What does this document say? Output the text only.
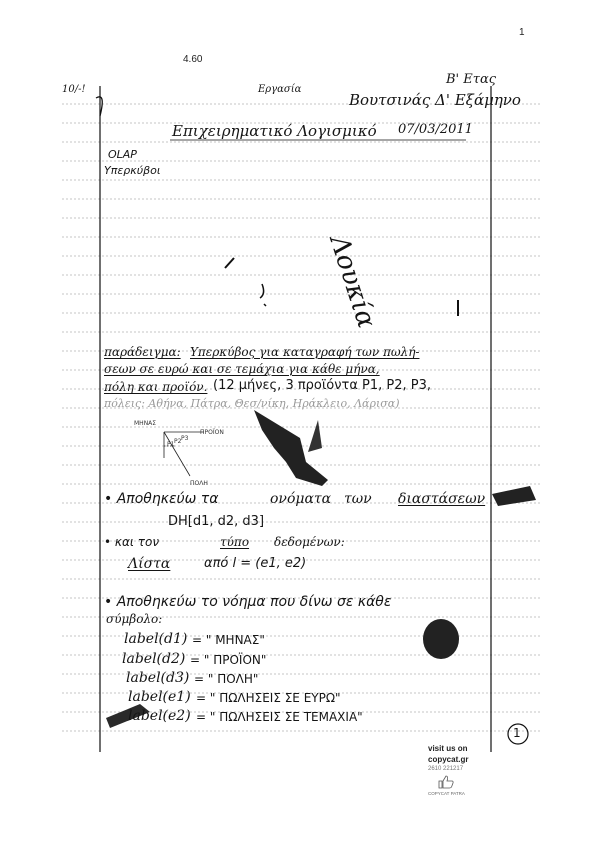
1
4.60
10/-!	Εργασία
Β' Ετας
Βουτσινάς Δ' Εξάμηνο
Επιχειρηματικό Λογισμικό 07/03/2011
OLAP
Υπερκύβοι
Λουκία
παράδειγμα: Υπερκύβος για καταγραφή των πωλή-
σεων σε ευρώ και σε τεμάχια για κάθε μήνα,
πόλη και προϊόν. (12 μήνες, 3 προϊόντα P1, P2, P3,
πόλεις: Αθήνα, Πάτρα, Θεσ/νίκη, Ηράκλειο, Λάρισα)
ΜΗΝΑΣ
ΠΡΟΪΟΝ
ΠΟΛΗ
P1 P2 P3
• Αποθηκεύω τα	ονόματα των διαστάσεων
DH[d1, d2, d3]
• και τον	τύπο δεδομένων:
Λίστα	από l = (e1, e2)
• Αποθηκεύω το νόημα που δίνω σε κάθε
σύμβολο:
label(d1) = " ΜΗΝΑΣ"
label(d2) = " ΠΡΟΪΟΝ"
label(d3) = " ΠΟΛΗ"
label(e1) = " ΠΩΛΗΣΕΙΣ ΣΕ ΕΥΡΩ"
label(e2) = " ΠΩΛΗΣΕΙΣ ΣΕ ΤΕΜΑΧΙΑ"
1
visit us on
copycat.gr
2610 221217
COPYCAT PATRA
